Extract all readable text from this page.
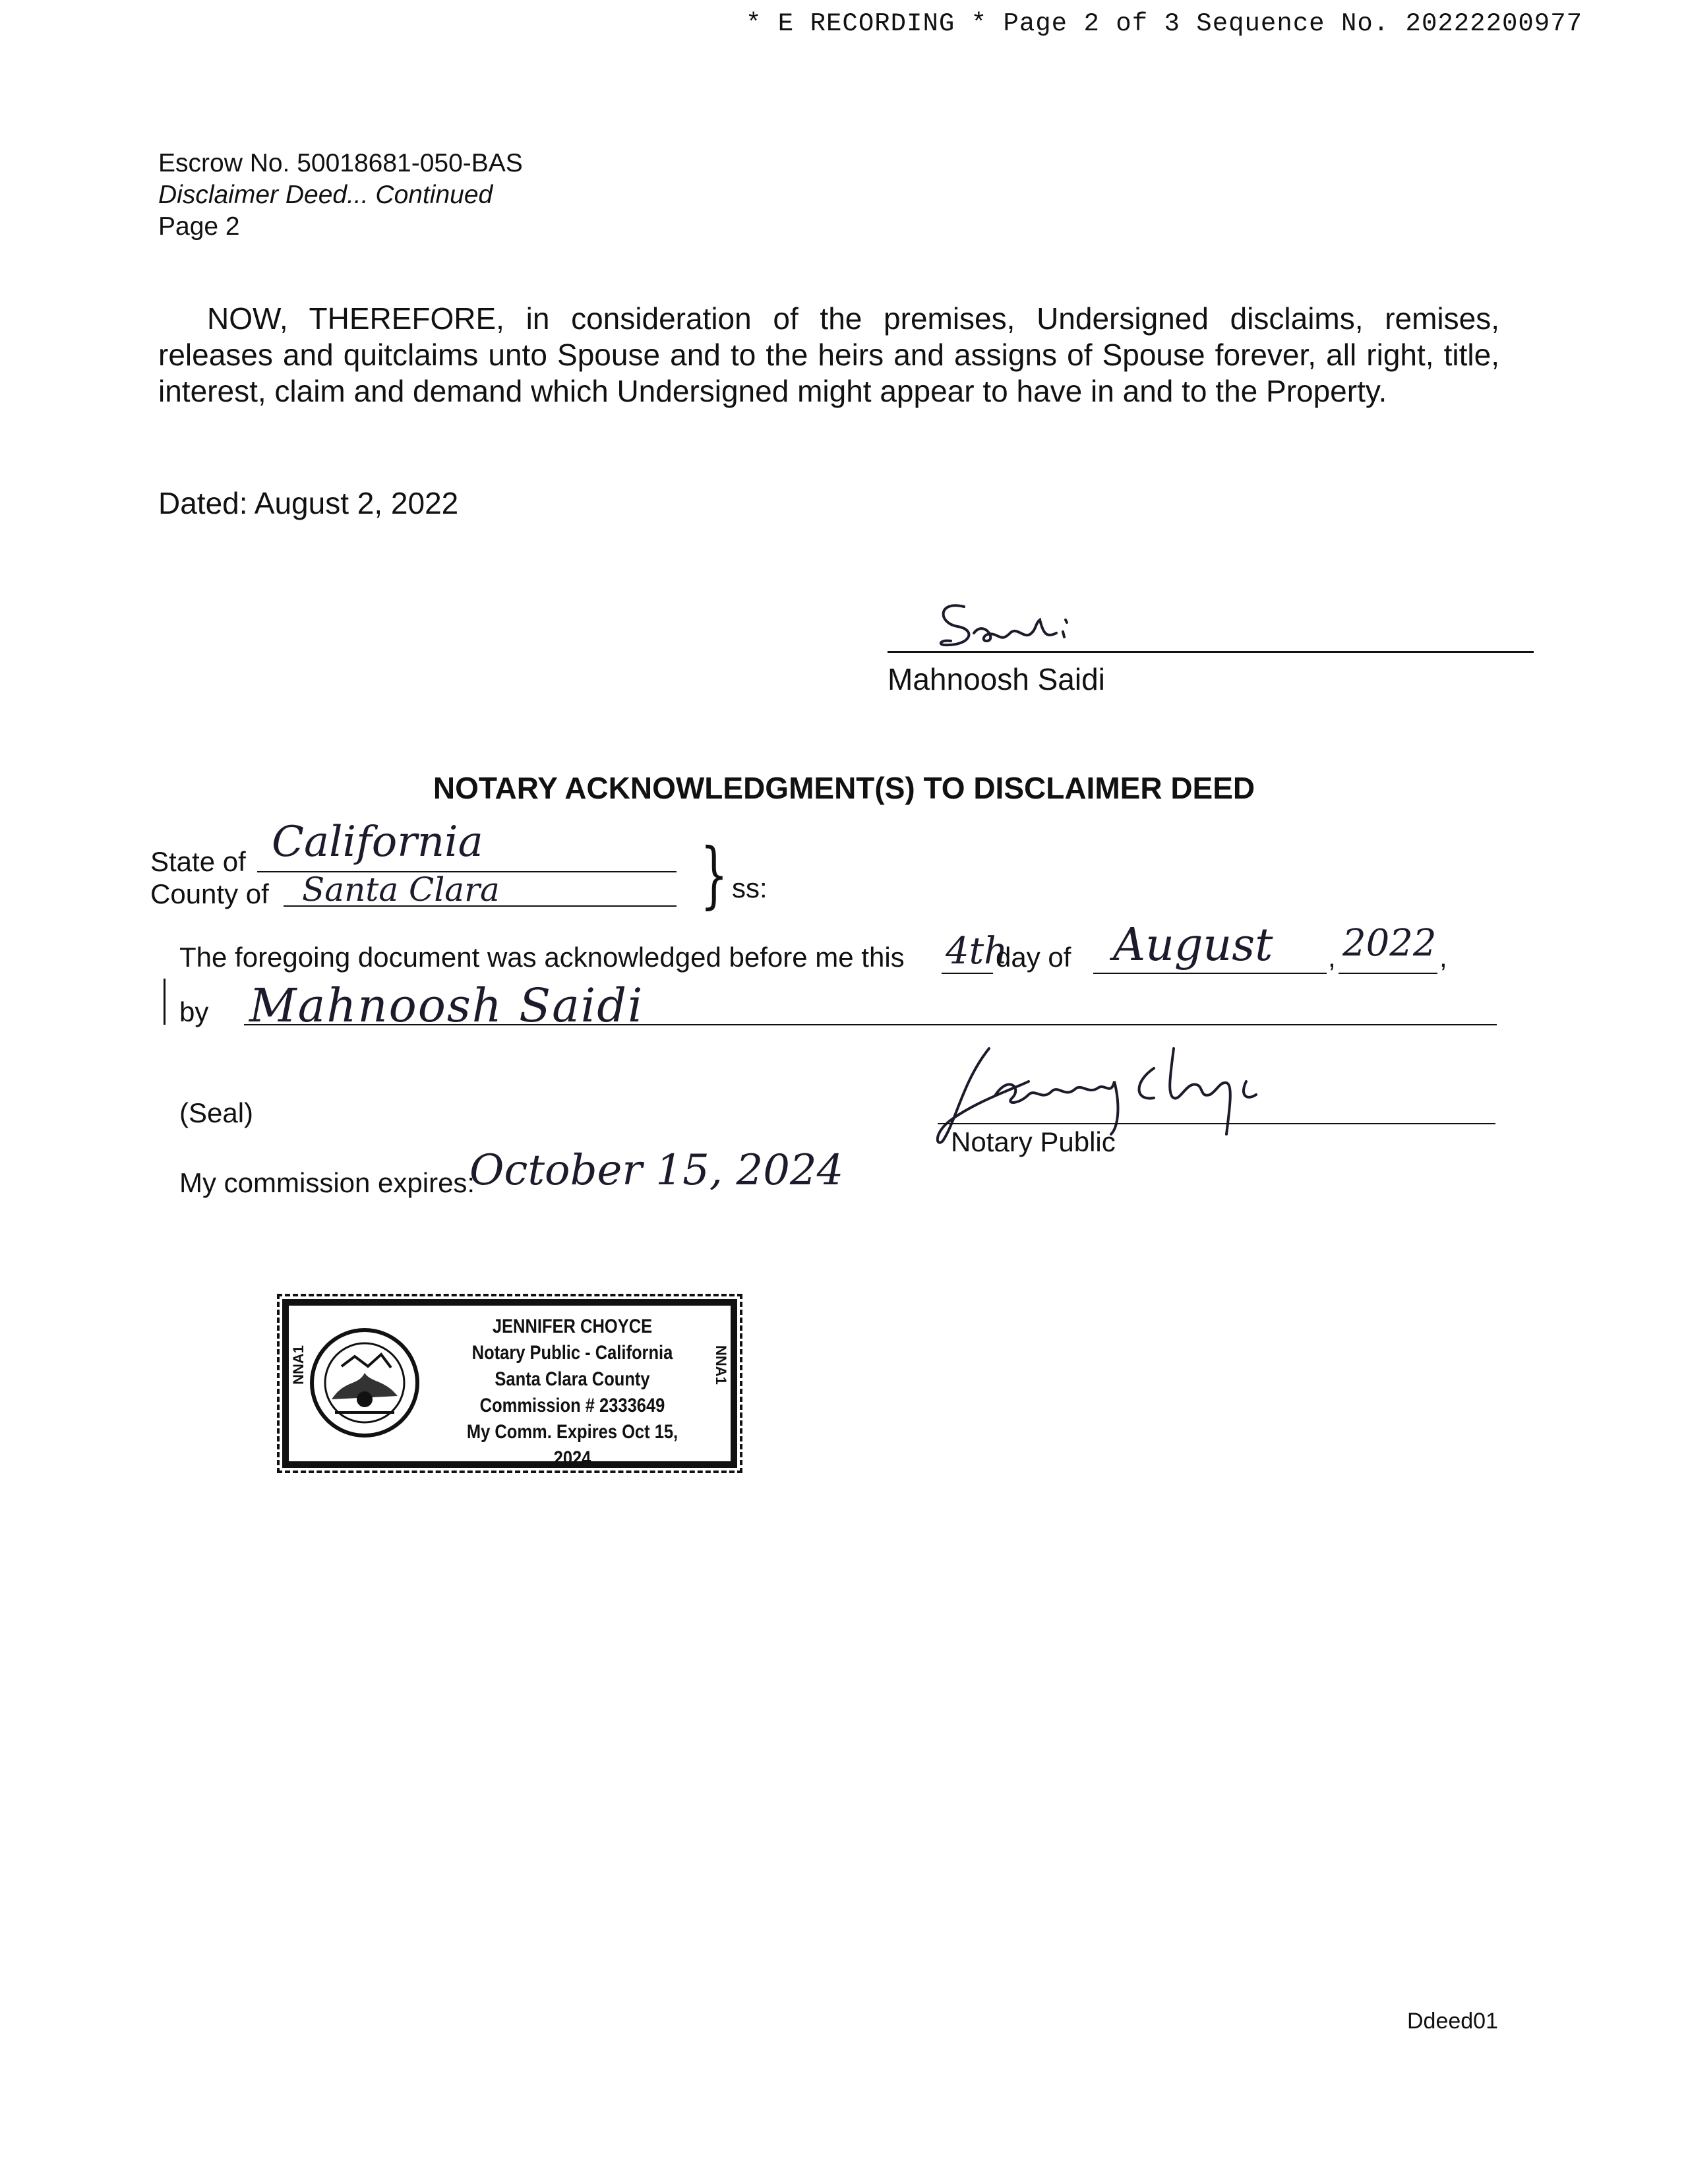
* E RECORDING * Page 2 of 3 Sequence No. 20222200977
Escrow No. 50018681-050-BAS
Disclaimer Deed... Continued
Page 2
NOW, THEREFORE, in consideration of the premises, Undersigned disclaims, remises, releases and quitclaims unto Spouse and to the heirs and assigns of Spouse forever, all right, title, interest, claim and demand which Undersigned might appear to have in and to the Property.
Dated: August 2, 2022
Mahnoosh Saidi
NOTARY ACKNOWLEDGMENT(S) TO DISCLAIMER DEED
State of California
County of Santa Clara	} ss:
The foregoing document was acknowledged before me this 4th
day of August , 2022 ,
by Mahnoosh Saidi
(Seal)
Notary Public
My commission expires:
October 15, 2024
NNA1
JENNIFER CHOYCE
Notary Public - California
Santa Clara County
Commission # 2333649
My Comm. Expires Oct 15, 2024
NNA1
Ddeed01
